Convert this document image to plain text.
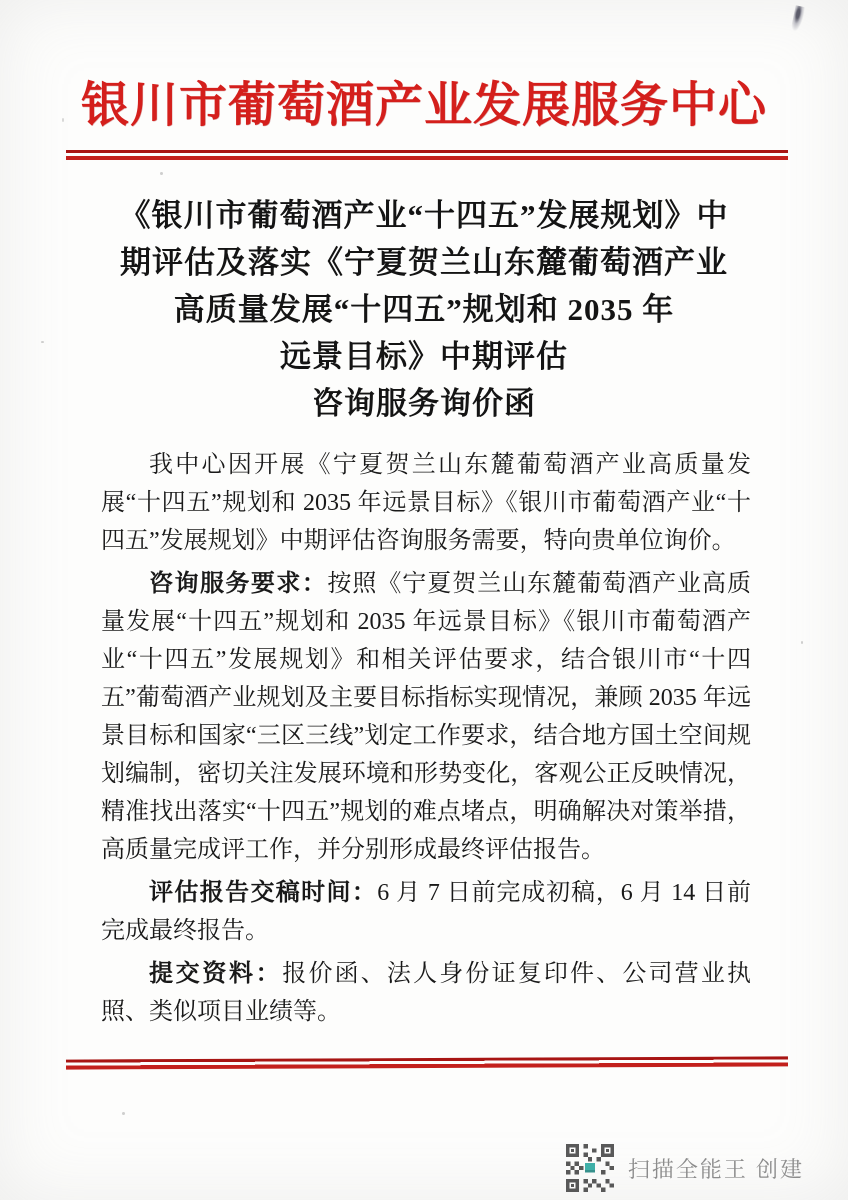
银川市葡萄酒产业发展服务中心
《银川市葡萄酒产业“十四五”发展规划》中
期评估及落实《宁夏贺兰山东麓葡萄酒产业
高质量发展“十四五”规划和 2035 年
远景目标》中期评估
咨询服务询价函

我中心因开展《宁夏贺兰山东麓葡萄酒产业高质量发展“十四五”规划和 2035 年远景目标》《银川市葡萄酒产业“十四五”发展规划》中期评估咨询服务需要，特向贵单位询价。

咨询服务要求：按照《宁夏贺兰山东麓葡萄酒产业高质量发展“十四五”规划和 2035 年远景目标》《银川市葡萄酒产业“十四五”发展规划》和相关评估要求，结合银川市“十四五”葡萄酒产业规划及主要目标指标实现情况，兼顾 2035 年远景目标和国家“三区三线”划定工作要求，结合地方国土空间规划编制，密切关注发展环境和形势变化，客观公正反映情况，精准找出落实“十四五”规划的难点堵点，明确解决对策举措，高质量完成评工作，并分别形成最终评估报告。

评估报告交稿时间：6 月 7 日前完成初稿，6 月 14 日前完成最终报告。

提交资料：报价函、法人身份证复印件、公司营业执照、类似项目业绩等。

扫描全能王 创建
